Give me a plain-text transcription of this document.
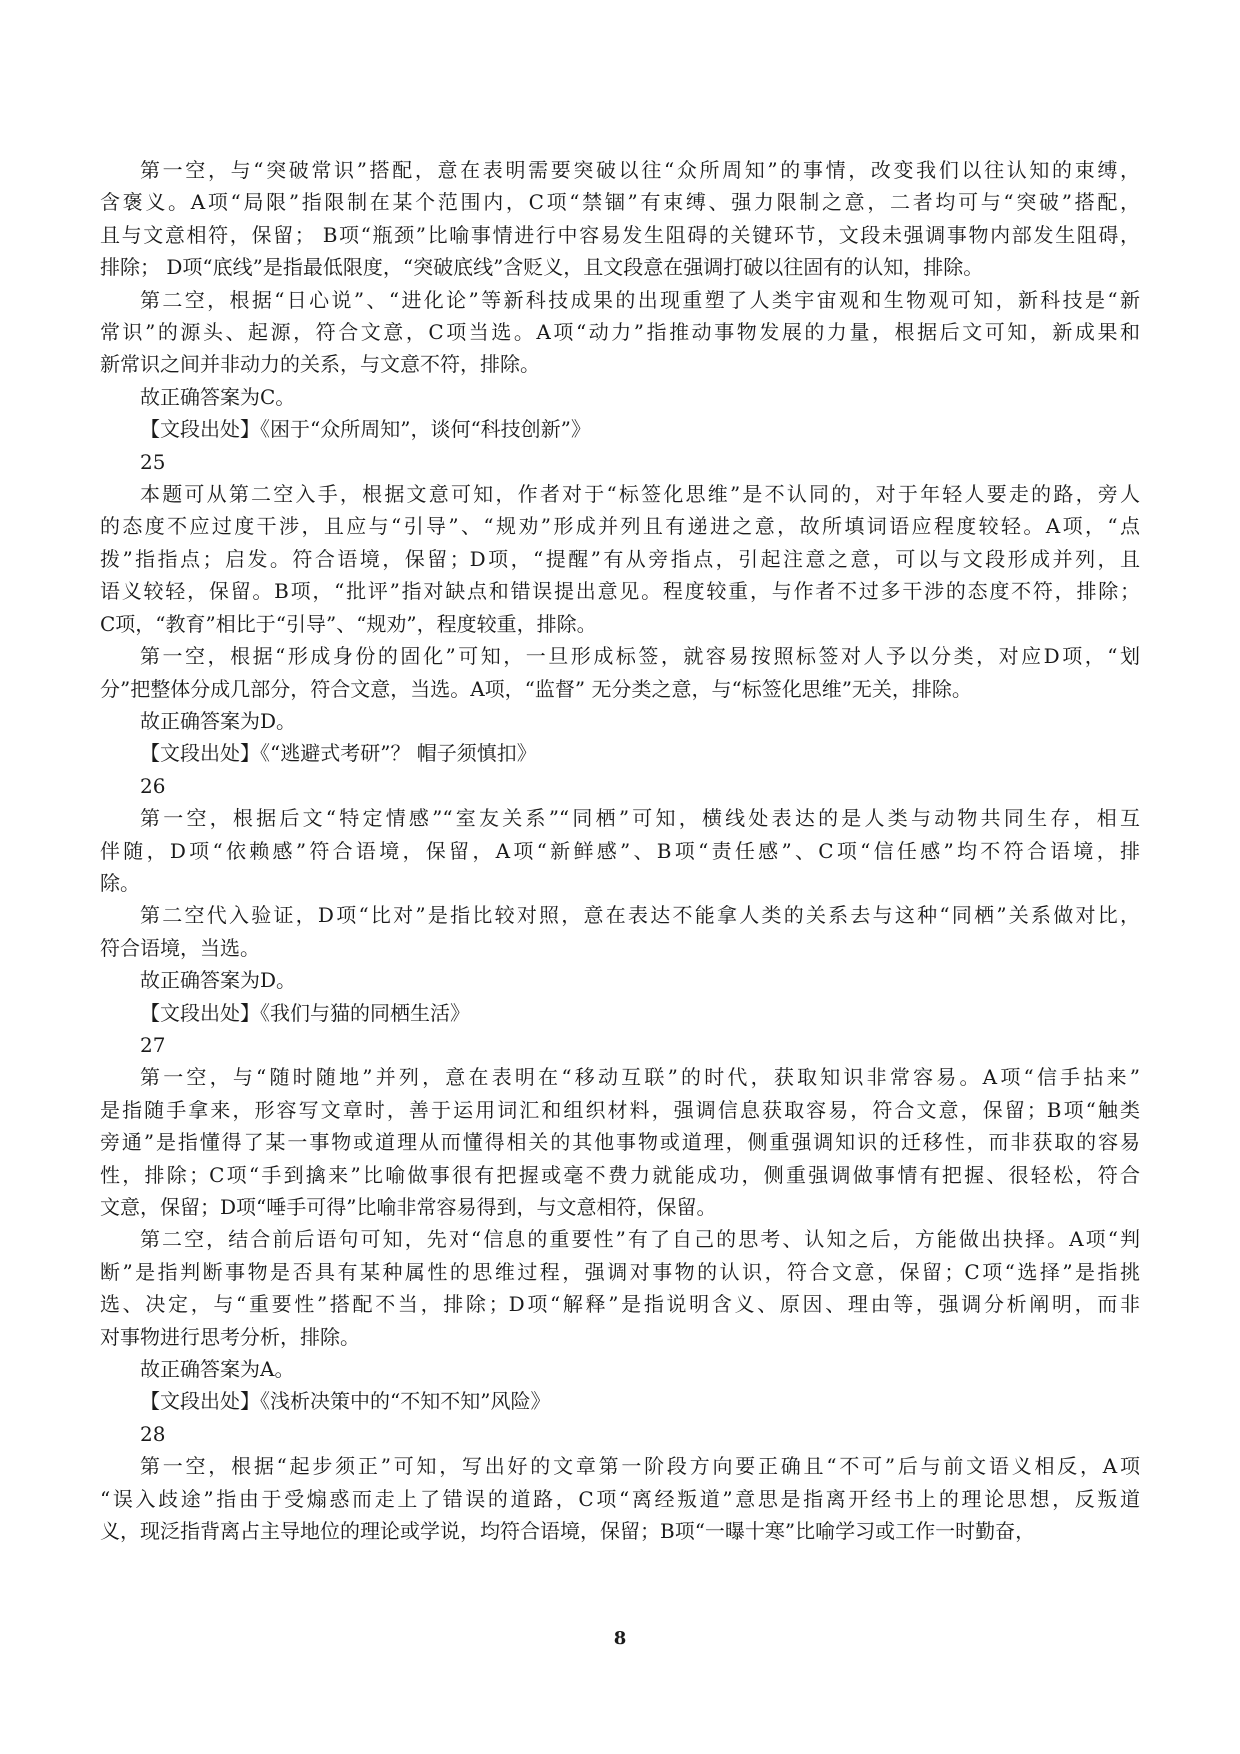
第一空，与“突破常识”搭配，意在表明需要突破以往“众所周知”的事情，改变我们以往认知的束缚，
含褒义。A项“局限”指限制在某个范围内，C项“禁锢”有束缚、强力限制之意，二者均可与“突破”搭配，
且与文意相符，保留； B项“瓶颈”比喻事情进行中容易发生阻碍的关键环节，文段未强调事物内部发生阻碍，
排除； D项“底线”是指最低限度，“突破底线”含贬义，且文段意在强调打破以往固有的认知，排除。
第二空，根据“日心说”、“进化论”等新科技成果的出现重塑了人类宇宙观和生物观可知，新科技是“新
常识”的源头、起源，符合文意，C项当选。A项“动力”指推动事物发展的力量，根据后文可知，新成果和
新常识之间并非动力的关系，与文意不符，排除。
故正确答案为C。
【文段出处】《困于“众所周知”，谈何“科技创新”》
25
本题可从第二空入手，根据文意可知，作者对于“标签化思维”是不认同的，对于年轻人要走的路，旁人
的态度不应过度干涉，且应与“引导”、“规劝”形成并列且有递进之意，故所填词语应程度较轻。A项，“点
拨”指指点；启发。符合语境，保留；D项，“提醒”有从旁指点，引起注意之意，可以与文段形成并列，且
语义较轻，保留。B项，“批评”指对缺点和错误提出意见。程度较重，与作者不过多干涉的态度不符，排除；
C项，“教育”相比于“引导”、“规劝”，程度较重，排除。
第一空，根据“形成身份的固化”可知，一旦形成标签，就容易按照标签对人予以分类，对应D项，“划
分”把整体分成几部分，符合文意，当选。A项，“监督” 无分类之意，与“标签化思维”无关，排除。
故正确答案为D。
【文段出处】《“逃避式考研”？ 帽子须慎扣》
26
第一空，根据后文“特定情感”“室友关系”“同栖”可知，横线处表达的是人类与动物共同生存，相互
伴随，D项“依赖感”符合语境，保留，A项“新鲜感”、B项“责任感”、C项“信任感”均不符合语境，排
除。
第二空代入验证，D项“比对”是指比较对照，意在表达不能拿人类的关系去与这种“同栖”关系做对比，
符合语境，当选。
故正确答案为D。
【文段出处】《我们与猫的同栖生活》
27
第一空，与“随时随地”并列，意在表明在“移动互联”的时代，获取知识非常容易。A项“信手拈来”
是指随手拿来，形容写文章时，善于运用词汇和组织材料，强调信息获取容易，符合文意，保留；B项“触类
旁通”是指懂得了某一事物或道理从而懂得相关的其他事物或道理，侧重强调知识的迁移性，而非获取的容易
性，排除；C项“手到擒来”比喻做事很有把握或毫不费力就能成功，侧重强调做事情有把握、很轻松，符合
文意，保留；D项“唾手可得”比喻非常容易得到，与文意相符，保留。
第二空，结合前后语句可知，先对“信息的重要性”有了自己的思考、认知之后，方能做出抉择。A项“判
断”是指判断事物是否具有某种属性的思维过程，强调对事物的认识，符合文意，保留；C项“选择”是指挑
选、决定，与“重要性”搭配不当，排除；D项“解释”是指说明含义、原因、理由等，强调分析阐明，而非
对事物进行思考分析，排除。
故正确答案为A。
【文段出处】《浅析决策中的“不知不知”风险》
28
第一空，根据“起步须正”可知，写出好的文章第一阶段方向要正确且“不可”后与前文语义相反，A项
“误入歧途”指由于受煽惑而走上了错误的道路，C项“离经叛道”意思是指离开经书上的理论思想，反叛道
义，现泛指背离占主导地位的理论或学说，均符合语境，保留；B项“一曝十寒”比喻学习或工作一时勤奋，
8
